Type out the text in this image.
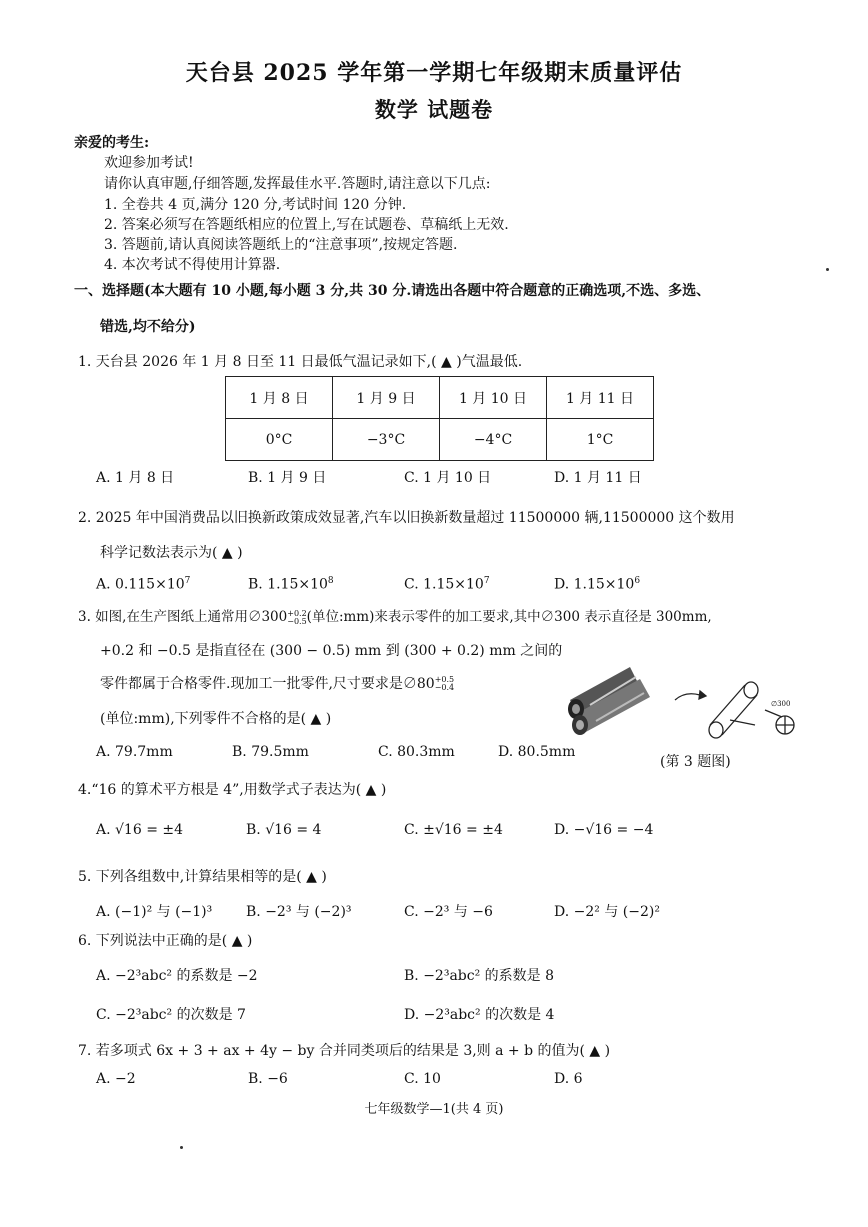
天台县 2025 学年第一学期七年级期末质量评估
数学 试题卷
亲爱的考生:
欢迎参加考试!
请你认真审题,仔细答题,发挥最佳水平.答题时,请注意以下几点:
1. 全卷共 4 页,满分 120 分,考试时间 120 分钟.
2. 答案必须写在答题纸相应的位置上,写在试题卷、草稿纸上无效.
3. 答题前,请认真阅读答题纸上的“注意事项”,按规定答题.
4. 本次考试不得使用计算器.
一、选择题(本大题有 10 小题,每小题 3 分,共 30 分.请选出各题中符合题意的正确选项,不选、多选、
错选,均不给分)
1. 天台县 2026 年 1 月 8 日至 11 日最低气温记录如下,( ▲ )气温最低.
1 月 8 日	1 月 9 日	1 月 10 日	1 月 11 日
0°C	−3°C	−4°C	1°C
A. 1 月 8 日	B. 1 月 9 日	C. 1 月 10 日	D. 1 月 11 日
2. 2025 年中国消费品以旧换新政策成效显著,汽车以旧换新数量超过 11500000 辆,11500000 这个数用
科学记数法表示为( ▲ )
A. $0.115\times 10^7$	B. $1.15\times 10^8$	C. $1.15\times 10^7$	D. $1.15\times 10^6$
3. 如图,在生产图纸上通常用∅300+0.2
−0.5(单位:mm)来表示零件的加工要求,其中∅300 表示直径是 300mm,
+0.2 和 −0.5 是指直径在 (300 − 0.5) mm 到 (300 + 0.2) mm 之间的
零件都属于合格零件.现加工一批零件,尺寸要求是∅80+0.5
−0.4
(单位:mm),下列零件不合格的是( ▲ )
A. 79.7mm	B. 79.5mm	C. 80.3mm	D. 80.5mm
∅300
(第 3 题图)
4.“16 的算术平方根是 4”,用数学式子表达为( ▲ )
A. √16 = ±4	B. √16 = 4	C. ±√16 = ±4	D. −√16 = −4
5. 下列各组数中,计算结果相等的是( ▲ )
A. (−1)² 与 (−1)³ B. −2³ 与 (−2)³	C. −2³ 与 −6	D. −2² 与 (−2)²
6. 下列说法中正确的是( ▲ )
A. −2³abc² 的系数是 −2	B. −2³abc² 的系数是 8
C. −2³abc² 的次数是 7	D. −2³abc² 的次数是 4
7. 若多项式 6x + 3 + ax + 4y − by 合并同类项后的结果是 3,则 a + b 的值为( ▲ )
A. −2	B. −6	C. 10	D. 6
七年级数学—1(共 4 页)
